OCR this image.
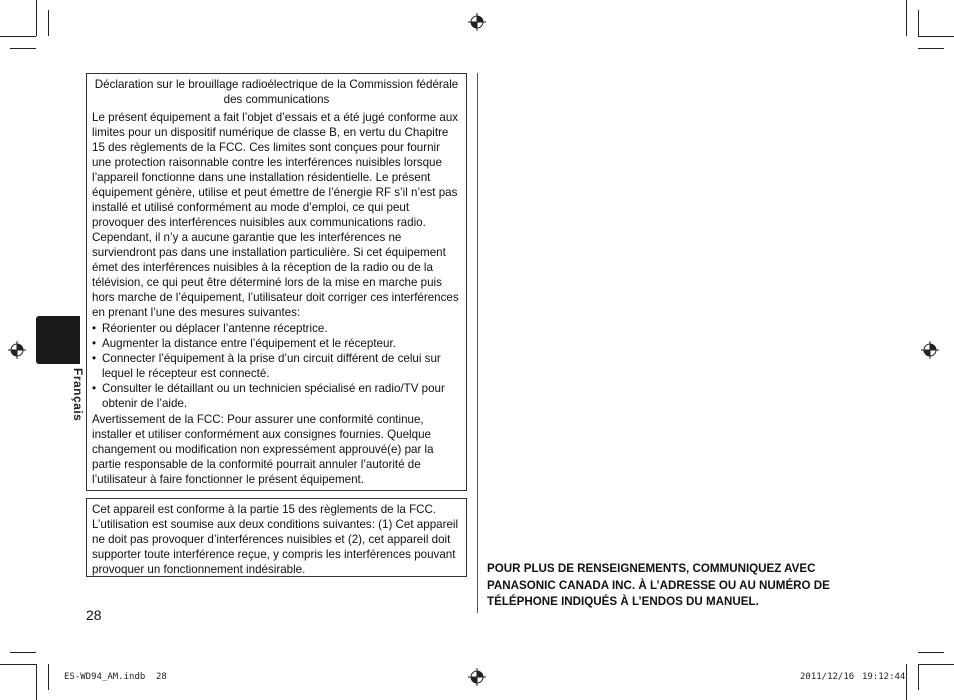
Français
Déclaration sur le brouillage radioélectrique de la Commission fédérale des communications

Le présent équipement a fait l’objet d’essais et a été jugé conforme aux limites pour un dispositif numérique de classe B, en vertu du Chapitre 15 des règlements de la FCC. Ces limites sont conçues pour fournir une protection raisonnable contre les interférences nuisibles lorsque l’appareil fonctionne dans une installation résidentielle. Le présent équipement génère, utilise et peut émettre de l’énergie RF s’il n’est pas installé et utilisé conformément au mode d’emploi, ce qui peut provoquer des interférences nuisibles aux communications radio. Cependant, il n’y a aucune garantie que les interférences ne surviendront pas dans une installation particulière. Si cet équipement émet des interférences nuisibles à la réception de la radio ou de la télévision, ce qui peut être déterminé lors de la mise en marche puis hors marche de l’équipement, l’utilisateur doit corriger ces interférences en prenant l’une des mesures suivantes:

• Réorienter ou déplacer l’antenne réceptrice.
• Augmenter la distance entre l’équipement et le récepteur.
• Connecter l’équipement à la prise d’un circuit différent de celui sur lequel le récepteur est connecté.
• Consulter le détaillant ou un technicien spécialisé en radio/TV pour obtenir de l’aide.

Avertissement de la FCC: Pour assurer une conformité continue, installer et utiliser conformément aux consignes fournies. Quelque changement ou modification non expressément approuvé(e) par la partie responsable de la conformité pourrait annuler l’autorité de l’utilisateur à faire fonctionner le présent équipement.

Cet appareil est conforme à la partie 15 des règlements de la FCC. L’utilisation est soumise aux deux conditions suivantes: (1) Cet appareil ne doit pas provoquer d’interférences nuisibles et (2), cet appareil doit supporter toute interférence reçue, y compris les interférences pouvant provoquer un fonctionnement indésirable.	POUR PLUS DE RENSEIGNEMENTS, COMMUNIQUEZ AVEC PANASONIC CANADA INC. À L’ADRESSE OU AU NUMÉRO DE TÉLÉPHONE INDIQUÉS À L’ENDOS DU MANUEL.
28
ES-WD94_AM.indb 28	2011/12/16 19:12:44
